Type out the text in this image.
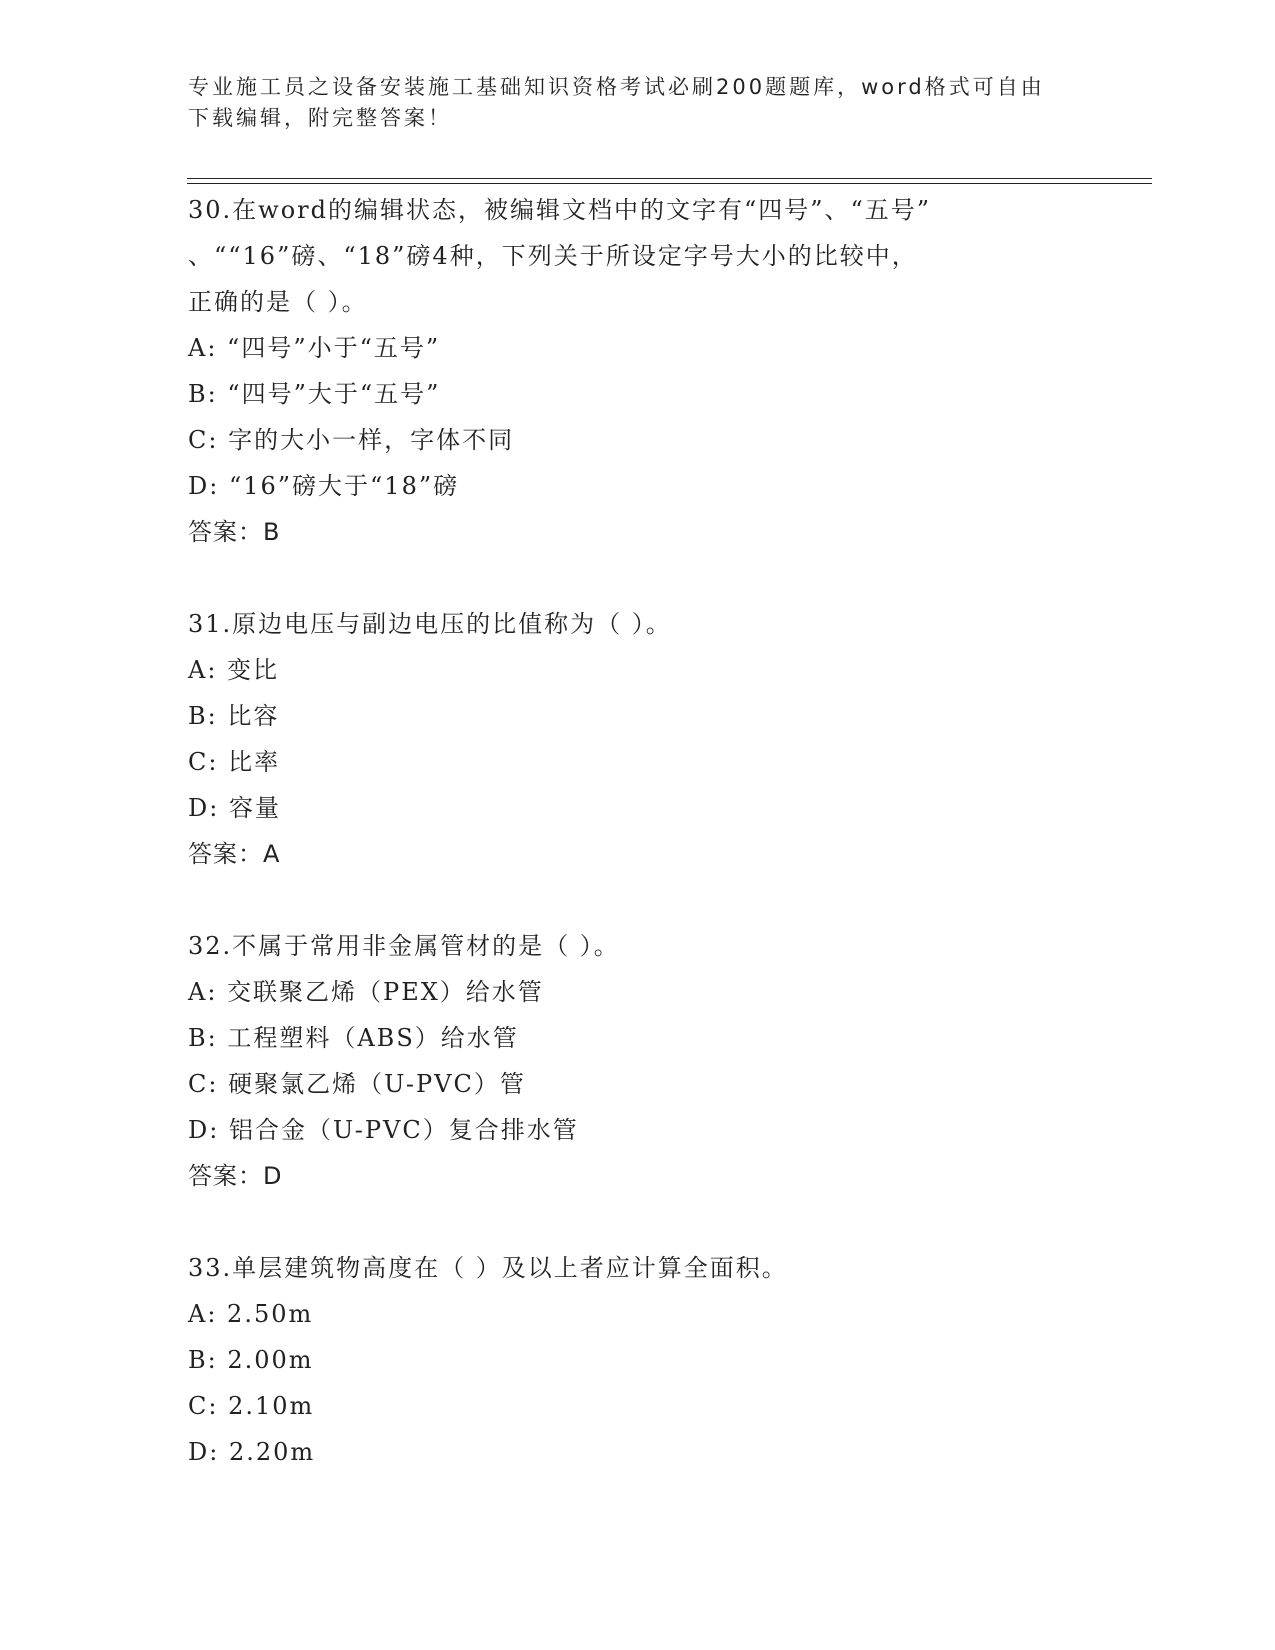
专业施工员之设备安装施工基础知识资格考试必刷200题题库，word格式可自由
下载编辑，附完整答案！
30.在word的编辑状态，被编辑文档中的文字有“四号”、“五号”
、““16”磅、“18”磅4种，下列关于所设定字号大小的比较中，
正确的是（ ）。
A: “四号”小于“五号”
B: “四号”大于“五号”
C: 字的大小一样，字体不同
D: “16”磅大于“18”磅
答案：B
31.原边电压与副边电压的比值称为（ ）。
A: 变比
B: 比容
C: 比率
D: 容量
答案：A
32.不属于常用非金属管材的是（ ）。
A: 交联聚乙烯（PEX）给水管
B: 工程塑料（ABS）给水管
C: 硬聚氯乙烯（U-PVC）管
D: 铝合金（U-PVC）复合排水管
答案：D
33.单层建筑物高度在（ ）及以上者应计算全面积。
A: 2.50m
B: 2.00m
C: 2.10m
D: 2.20m
